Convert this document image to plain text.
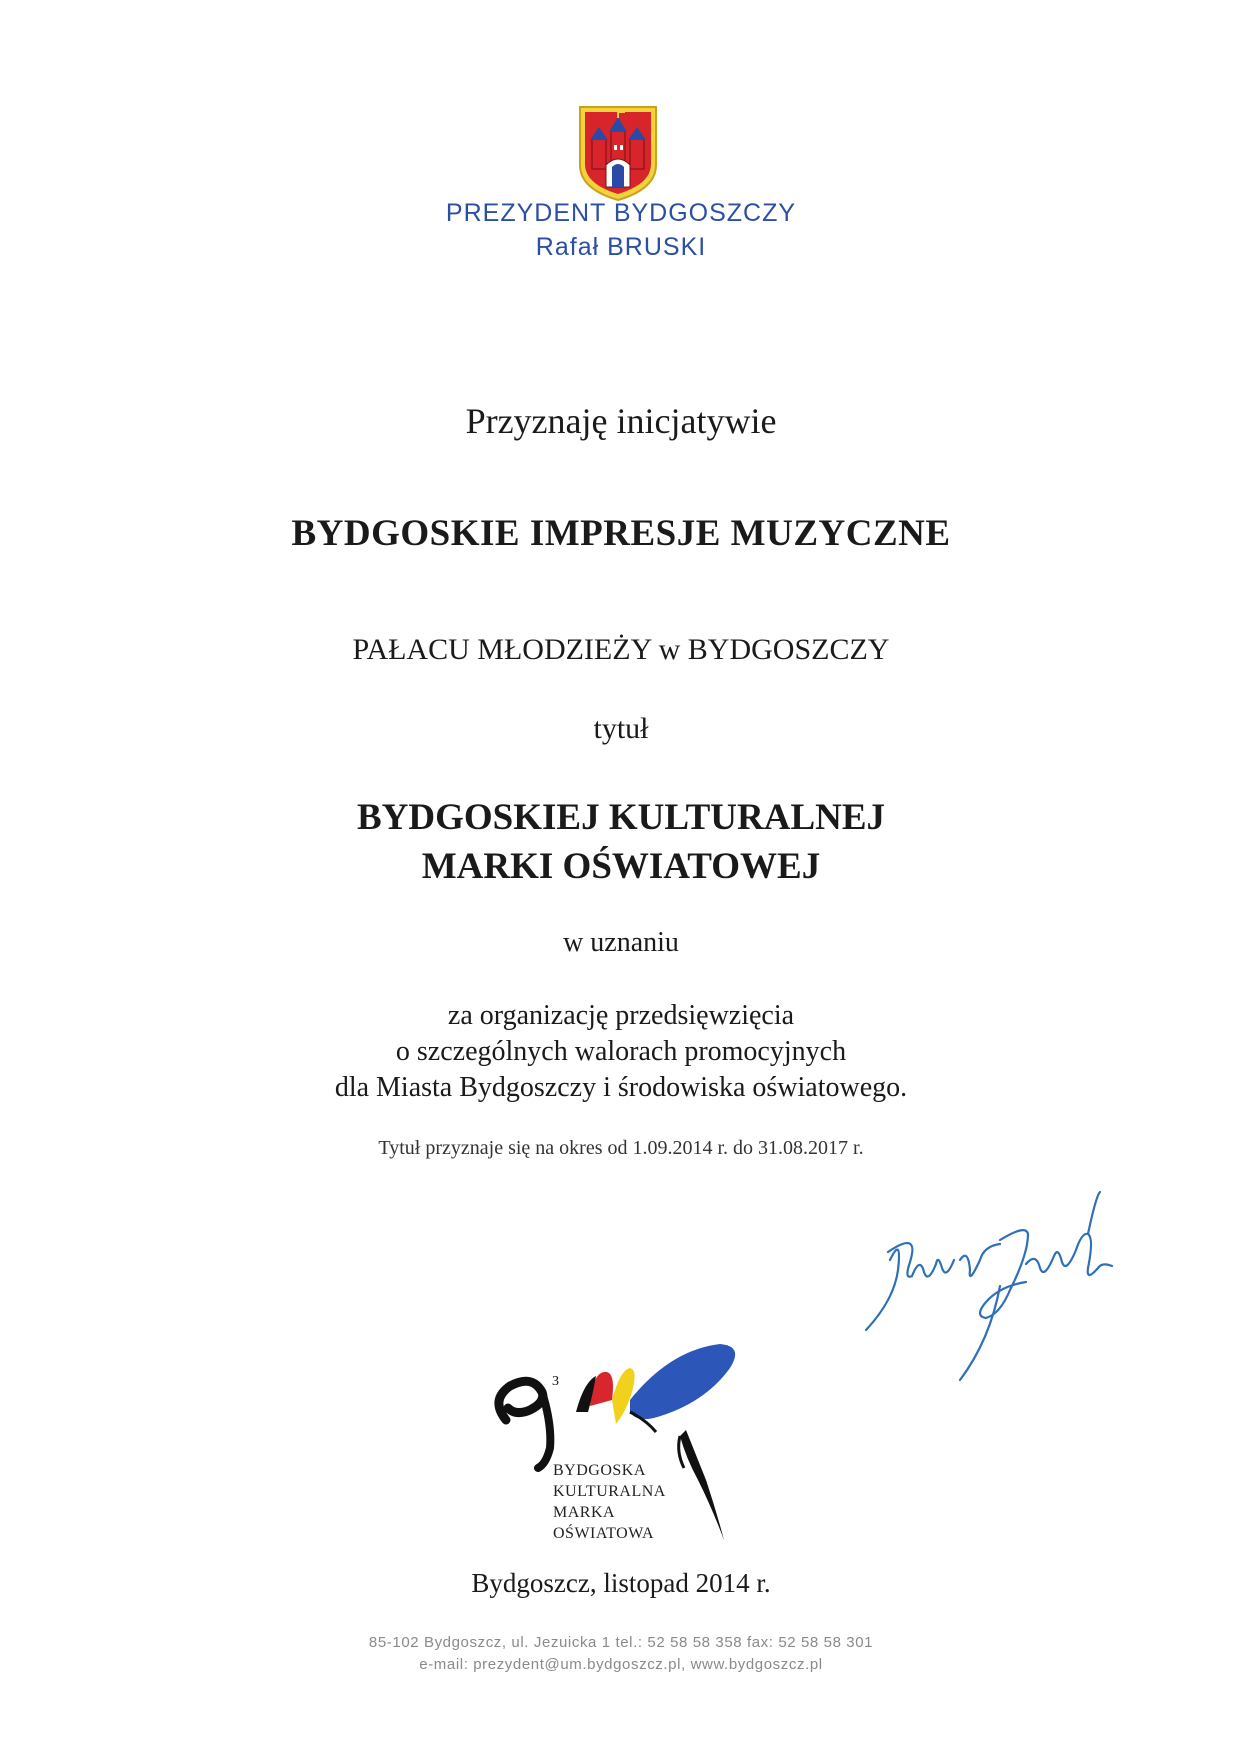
PREZYDENT BYDGOSZCZY
Rafał BRUSKI
Przyznaję inicjatywie
BYDGOSKIE IMPRESJE MUZYCZNE
PAŁACU MŁODZIEŻY w BYDGOSZCZY
tytuł
BYDGOSKIEJ KULTURALNEJ
MARKI OŚWIATOWEJ
w uznaniu
za organizację przedsięwzięcia
o szczególnych walorach promocyjnych
dla Miasta Bydgoszczy i środowiska oświatowego.
Tytuł przyznaje się na okres od 1.09.2014 r. do 31.08.2017 r.
3
BYDGOSKA
KULTURALNA
MARKA
OŚWIATOWA
Bydgoszcz, listopad 2014 r.
85-102 Bydgoszcz, ul. Jezuicka 1 tel.: 52 58 58 358 fax: 52 58 58 301
e-mail: prezydent@um.bydgoszcz.pl, www.bydgoszcz.pl
